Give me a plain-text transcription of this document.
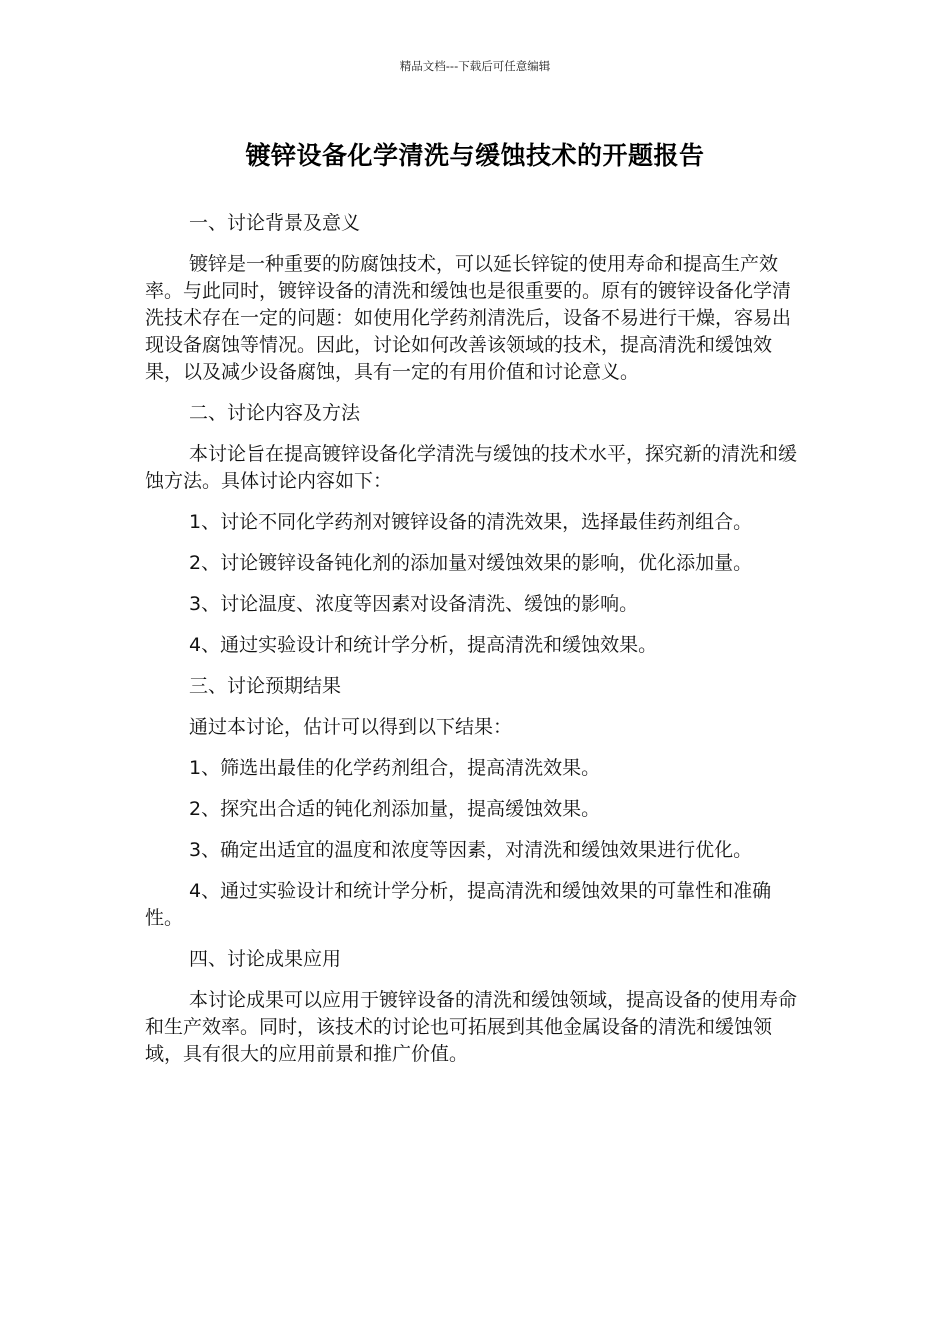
精品文档---下载后可任意编辑
镀锌设备化学清洗与缓蚀技术的开题报告

一、讨论背景及意义

镀锌是一种重要的防腐蚀技术，可以延长锌锭的使用寿命和提高生产效率。与此同时，镀锌设备的清洗和缓蚀也是很重要的。原有的镀锌设备化学清洗技术存在一定的问题：如使用化学药剂清洗后，设备不易进行干燥，容易出现设备腐蚀等情况。因此，讨论如何改善该领域的技术，提高清洗和缓蚀效果，以及减少设备腐蚀，具有一定的有用价值和讨论意义。

二、讨论内容及方法

本讨论旨在提高镀锌设备化学清洗与缓蚀的技术水平，探究新的清洗和缓蚀方法。具体讨论内容如下：

1、讨论不同化学药剂对镀锌设备的清洗效果，选择最佳药剂组合。

2、讨论镀锌设备钝化剂的添加量对缓蚀效果的影响，优化添加量。

3、讨论温度、浓度等因素对设备清洗、缓蚀的影响。

4、通过实验设计和统计学分析，提高清洗和缓蚀效果。

三、讨论预期结果

通过本讨论，估计可以得到以下结果：

1、筛选出最佳的化学药剂组合，提高清洗效果。

2、探究出合适的钝化剂添加量，提高缓蚀效果。

3、确定出适宜的温度和浓度等因素，对清洗和缓蚀效果进行优化。

4、通过实验设计和统计学分析，提高清洗和缓蚀效果的可靠性和准确性。

四、讨论成果应用

本讨论成果可以应用于镀锌设备的清洗和缓蚀领域，提高设备的使用寿命和生产效率。同时，该技术的讨论也可拓展到其他金属设备的清洗和缓蚀领域，具有很大的应用前景和推广价值。
